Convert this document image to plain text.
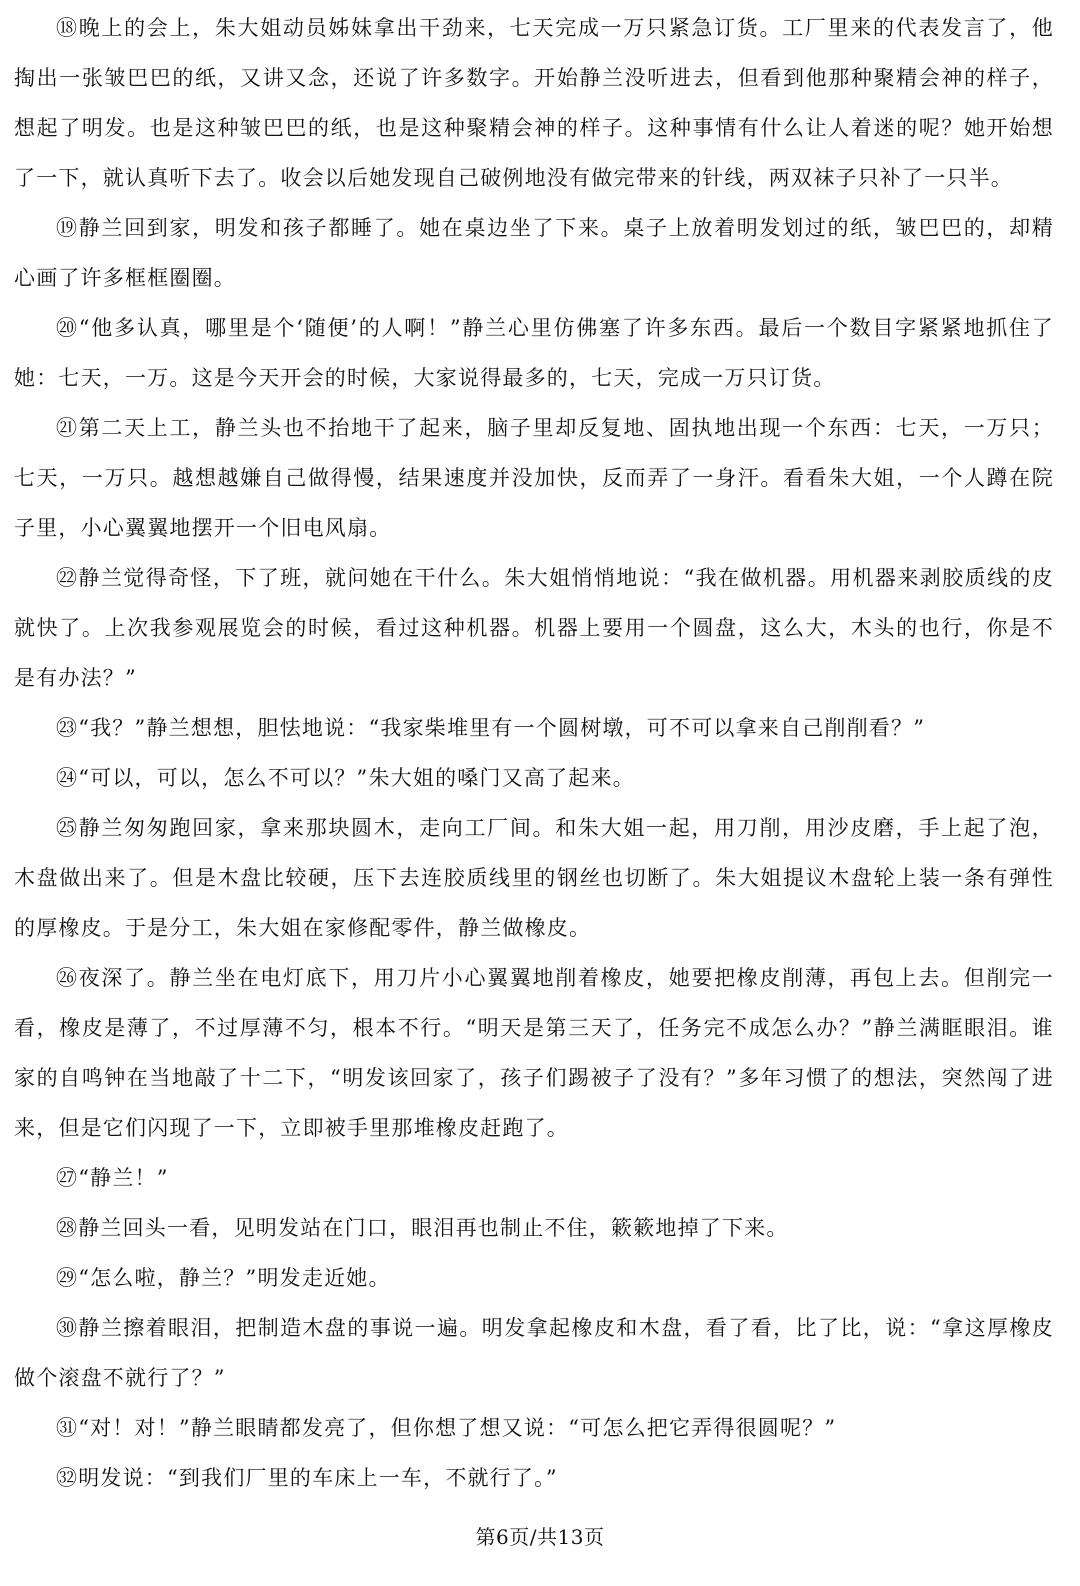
⑱晚上的会上，朱大姐动员姊妹拿出干劲来，七天完成一万只紧急订货。工厂里来的代表发言了，他掏出一张皱巴巴的纸，又讲又念，还说了许多数字。开始静兰没听进去，但看到他那种聚精会神的样子，想起了明发。也是这种皱巴巴的纸，也是这种聚精会神的样子。这种事情有什么让人着迷的呢？她开始想了一下，就认真听下去了。收会以后她发现自己破例地没有做完带来的针线，两双袜子只补了一只半。

⑲静兰回到家，明发和孩子都睡了。她在桌边坐了下来。桌子上放着明发划过的纸，皱巴巴的，却精心画了许多框框圈圈。

⑳“他多认真，哪里是个‘随便’的人啊！”静兰心里仿佛塞了许多东西。最后一个数目字紧紧地抓住了她：七天，一万。这是今天开会的时候，大家说得最多的，七天，完成一万只订货。

㉑第二天上工，静兰头也不抬地干了起来，脑子里却反复地、固执地出现一个东西：七天，一万只；七天，一万只。越想越嫌自己做得慢，结果速度并没加快，反而弄了一身汗。看看朱大姐，一个人蹲在院子里，小心翼翼地摆开一个旧电风扇。

㉒静兰觉得奇怪，下了班，就问她在干什么。朱大姐悄悄地说：“我在做机器。用机器来剥胶质线的皮就快了。上次我参观展览会的时候，看过这种机器。机器上要用一个圆盘，这么大，木头的也行，你是不是有办法？”

㉓“我？”静兰想想，胆怯地说：“我家柴堆里有一个圆树墩，可不可以拿来自己削削看？”

㉔“可以，可以，怎么不可以？”朱大姐的嗓门又高了起来。

㉕静兰匆匆跑回家，拿来那块圆木，走向工厂间。和朱大姐一起，用刀削，用沙皮磨，手上起了泡，木盘做出来了。但是木盘比较硬，压下去连胶质线里的钢丝也切断了。朱大姐提议木盘轮上装一条有弹性的厚橡皮。于是分工，朱大姐在家修配零件，静兰做橡皮。

㉖夜深了。静兰坐在电灯底下，用刀片小心翼翼地削着橡皮，她要把橡皮削薄，再包上去。但削完一看，橡皮是薄了，不过厚薄不匀，根本不行。“明天是第三天了，任务完不成怎么办？”静兰满眶眼泪。谁家的自鸣钟在当地敲了十二下，“明发该回家了，孩子们踢被子了没有？”多年习惯了的想法，突然闯了进来，但是它们闪现了一下，立即被手里那堆橡皮赶跑了。

㉗“静兰！”

㉘静兰回头一看，见明发站在门口，眼泪再也制止不住，簌簌地掉了下来。

㉙“怎么啦，静兰？”明发走近她。

㉚静兰擦着眼泪，把制造木盘的事说一遍。明发拿起橡皮和木盘，看了看，比了比，说：“拿这厚橡皮做个滚盘不就行了？”

㉛“对！对！”静兰眼睛都发亮了，但你想了想又说：“可怎么把它弄得很圆呢？”

㉜明发说：“到我们厂里的车床上一车，不就行了。”

第6页/共13页
